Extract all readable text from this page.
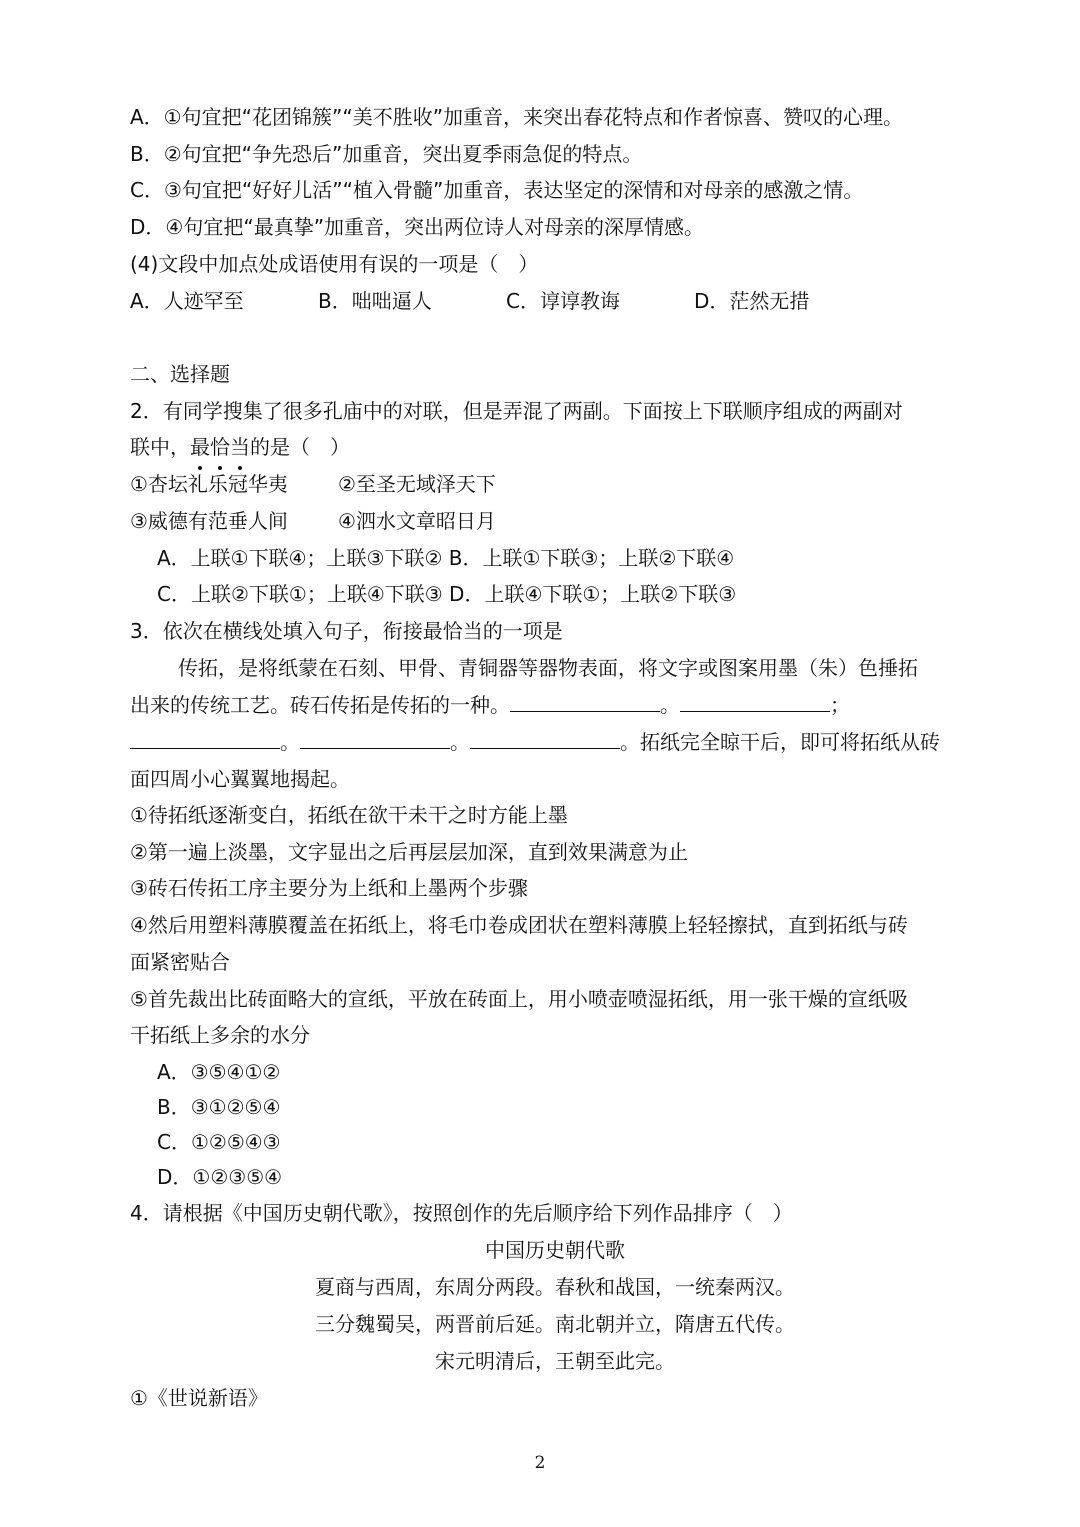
A．①句宜把“花团锦簇”“美不胜收”加重音，来突出春花特点和作者惊喜、赞叹的心理。
B．②句宜把“争先恐后”加重音，突出夏季雨急促的特点。
C．③句宜把“好好儿活”“植入骨髓”加重音，表达坚定的深情和对母亲的感激之情。
D．④句宜把“最真挚”加重音，突出两位诗人对母亲的深厚情感。
(4)文段中加点处成语使用有误的一项是（　）
A．人迹罕至	B．咄咄逼人	C．谆谆教诲	D．茫然无措
二、选择题
2．有同学搜集了很多孔庙中的对联，但是弄混了两副。下面按上下联顺序组成的两副对
联中，最恰当的是（　）
①杏坛礼乐冠华夷	②至圣无域泽天下
③威德有范垂人间	④泗水文章昭日月
A．上联①下联④；上联③下联② B．上联①下联③；上联②下联④
C．上联②下联①；上联④下联③ D．上联④下联①；上联②下联③
3．依次在横线处填入句子，衔接最恰当的一项是
传拓，是将纸蒙在石刻、甲骨、青铜器等器物表面，将文字或图案用墨（朱）色捶拓
出来的传统工艺。砖石传拓是传拓的一种。	。	；
。	。	。拓纸完全晾干后，即可将拓纸从砖
面四周小心翼翼地揭起。
①待拓纸逐渐变白，拓纸在欲干未干之时方能上墨
②第一遍上淡墨，文字显出之后再层层加深，直到效果满意为止
③砖石传拓工序主要分为上纸和上墨两个步骤
④然后用塑料薄膜覆盖在拓纸上，将毛巾卷成团状在塑料薄膜上轻轻擦拭，直到拓纸与砖
面紧密贴合
⑤首先裁出比砖面略大的宣纸，平放在砖面上，用小喷壶喷湿拓纸，用一张干燥的宣纸吸
干拓纸上多余的水分
A．③⑤④①②
B．③①②⑤④
C．①②⑤④③
D．①②③⑤④
4．请根据《中国历史朝代歌》，按照创作的先后顺序给下列作品排序（　）
中国历史朝代歌
夏商与西周，东周分两段。春秋和战国，一统秦两汉。
三分魏蜀吴，两晋前后延。南北朝并立，隋唐五代传。
宋元明清后，王朝至此完。
①《世说新语》
2
